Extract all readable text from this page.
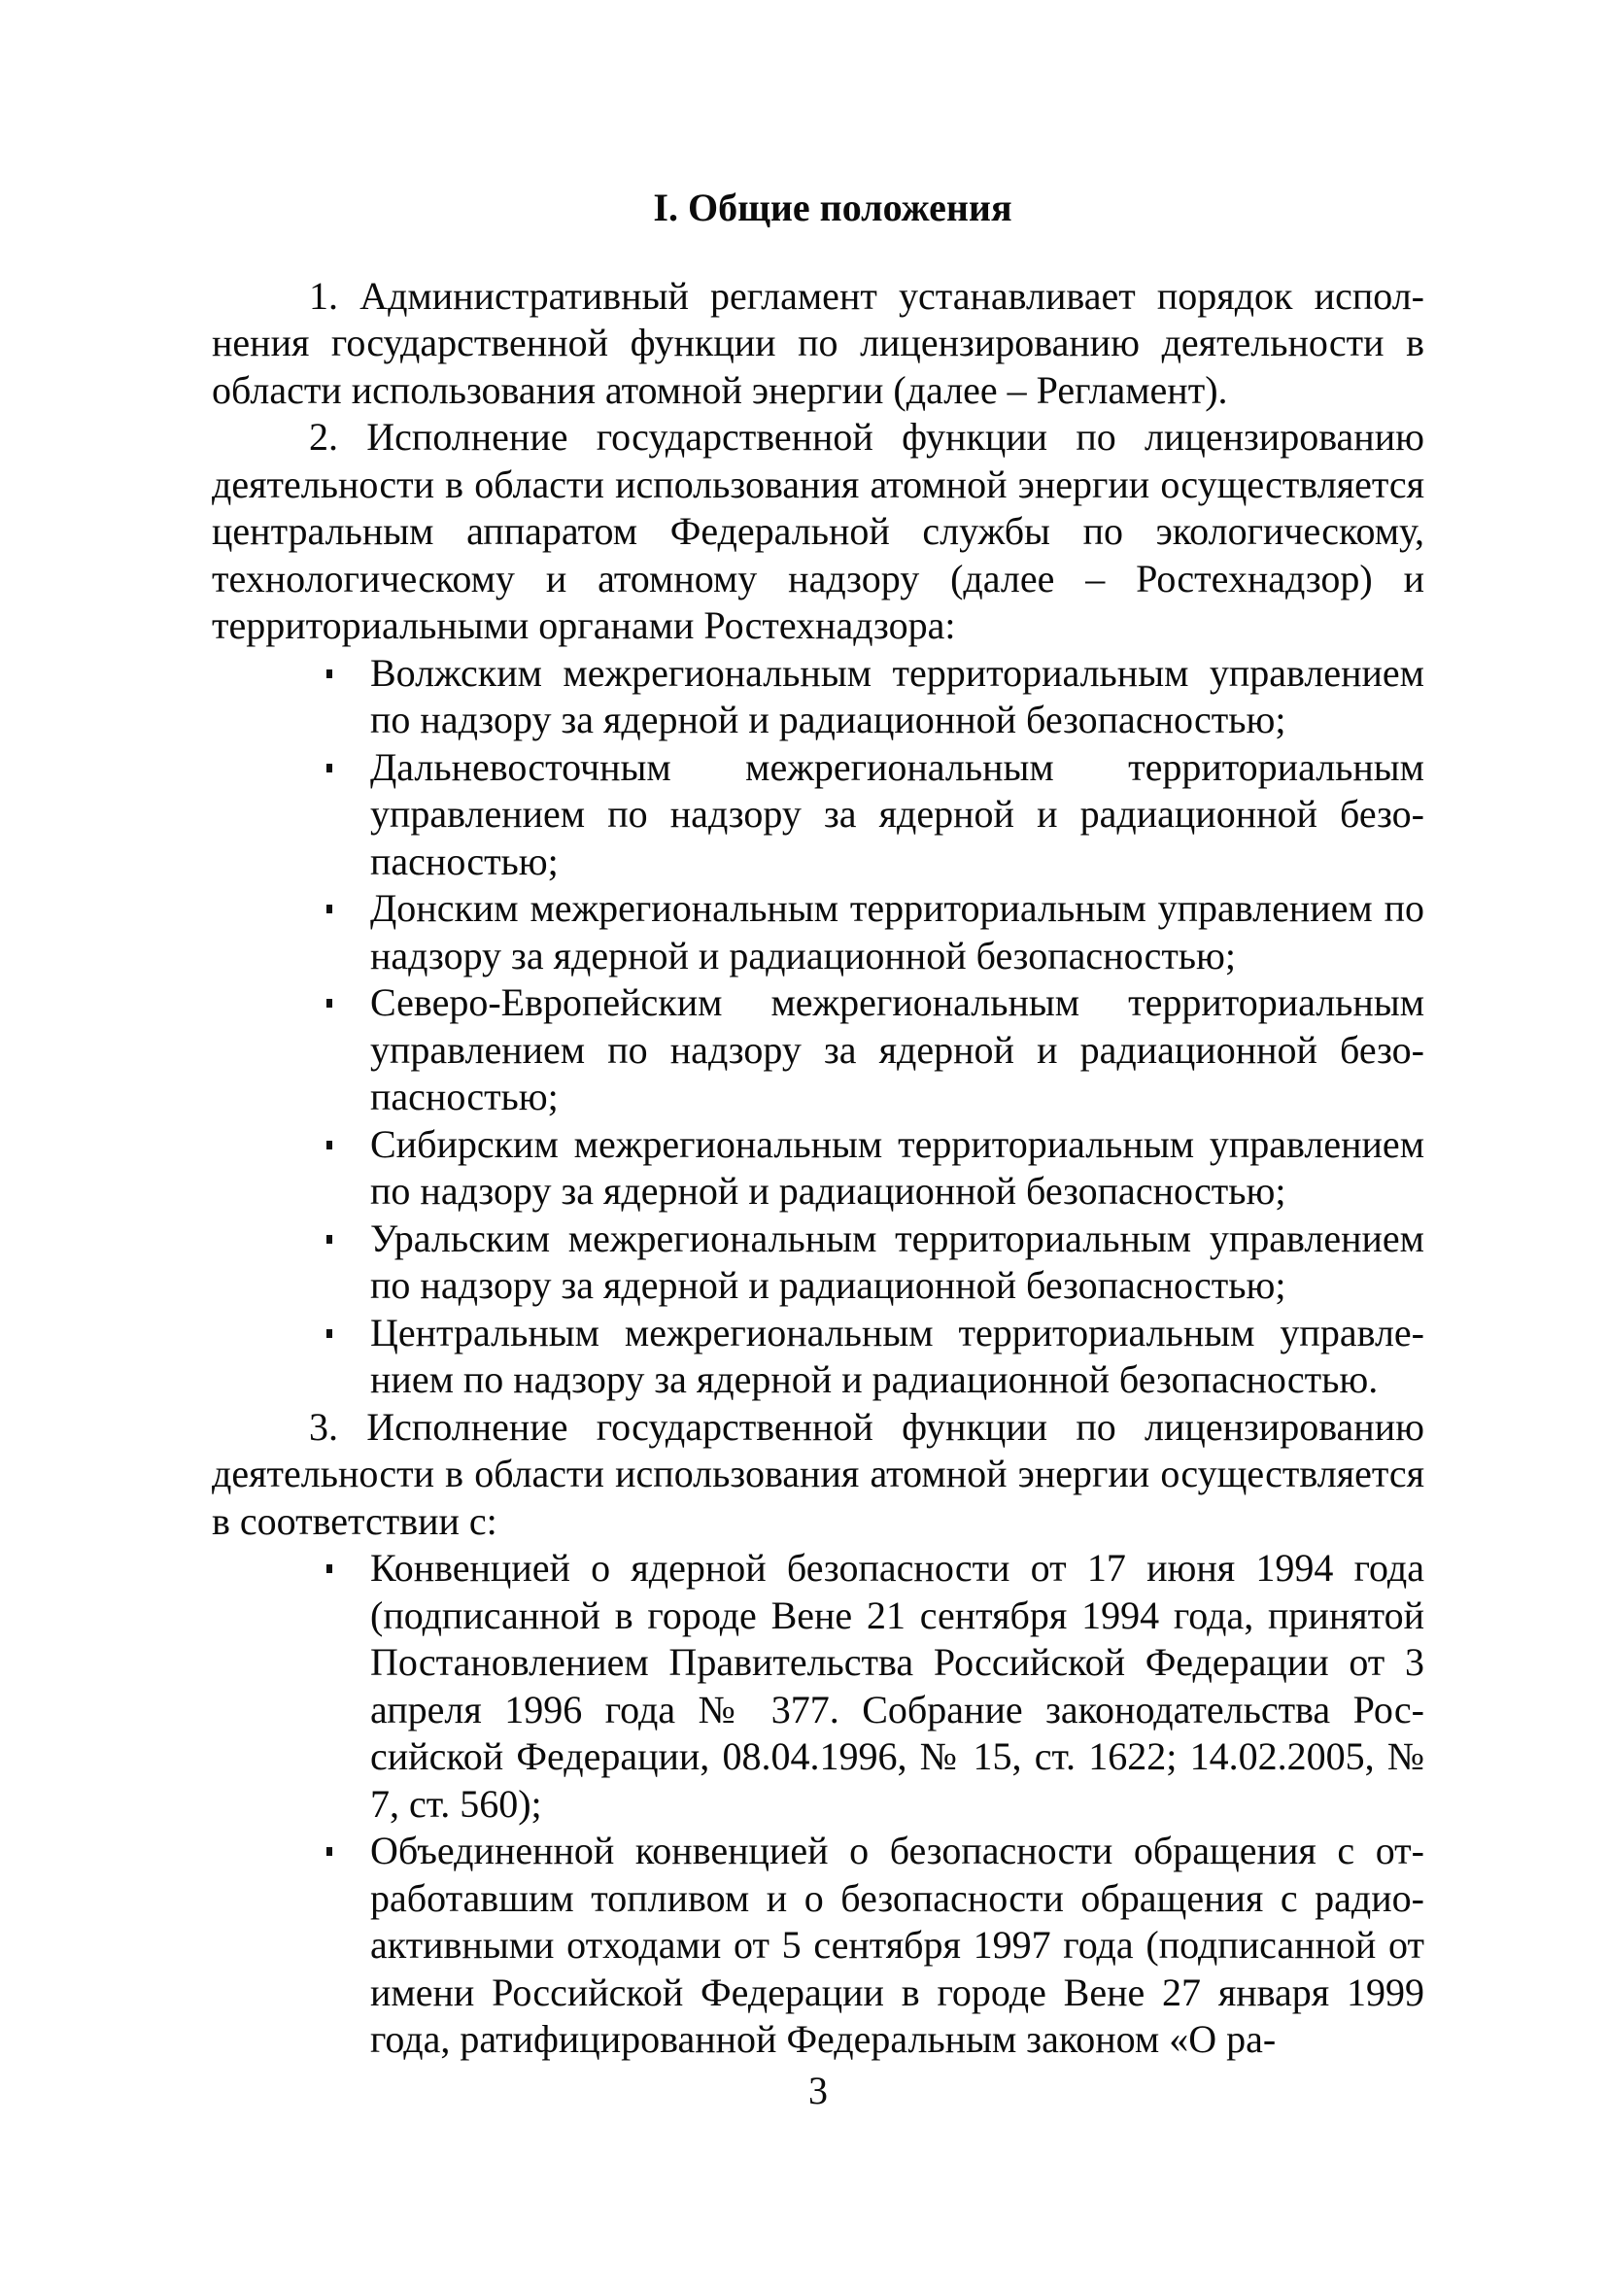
I. Общие положения

1. Административный регламент устанавливает порядок исполнения государственной функции по лицензированию деятельности в области использования атомной энергии (далее – Регламент).

2. Исполнение государственной функции по лицензированию деятельности в области использования атомной энергии осуществляется центральным аппаратом Федеральной службы по экологическому, технологическому и атомному надзору (далее – Ростехнадзор) и территориальными органами Ростехнадзора:

Волжским межрегиональным территориальным управлением по надзору за ядерной и радиационной безопасностью;
Дальневосточным межрегиональным территориальным управлением по надзору за ядерной и радиационной безопасностью;
Донским межрегиональным территориальным управлением по надзору за ядерной и радиационной безопасностью;
Северо-Европейским межрегиональным территориальным управлением по надзору за ядерной и радиационной безопасностью;
Сибирским межрегиональным территориальным управлением по надзору за ядерной и радиационной безопасностью;
Уральским межрегиональным территориальным управлением по надзору за ядерной и радиационной безопасностью;
Центральным межрегиональным территориальным управлением по надзору за ядерной и радиационной безопасностью.

3. Исполнение государственной функции по лицензированию деятельности в области использования атомной энергии осуществляется в соответствии с:

Конвенцией о ядерной безопасности от 17 июня 1994 года (подписанной в городе Вене 21 сентября 1994 года, принятой Постановлением Правительства Российской Федерации от 3 апреля 1996 года № 377. Собрание законодательства Российской Федерации, 08.04.1996, № 15, ст. 1622; 14.02.2005, № 7, ст. 560);
Объединенной конвенцией о безопасности обращения с отработавшим топливом и о безопасности обращения с радиоактивными отходами от 5 сентября 1997 года (подписанной от имени Российской Федерации в городе Вене 27 января 1999 года, ратифицированной Федеральным законом «О ра-
3
